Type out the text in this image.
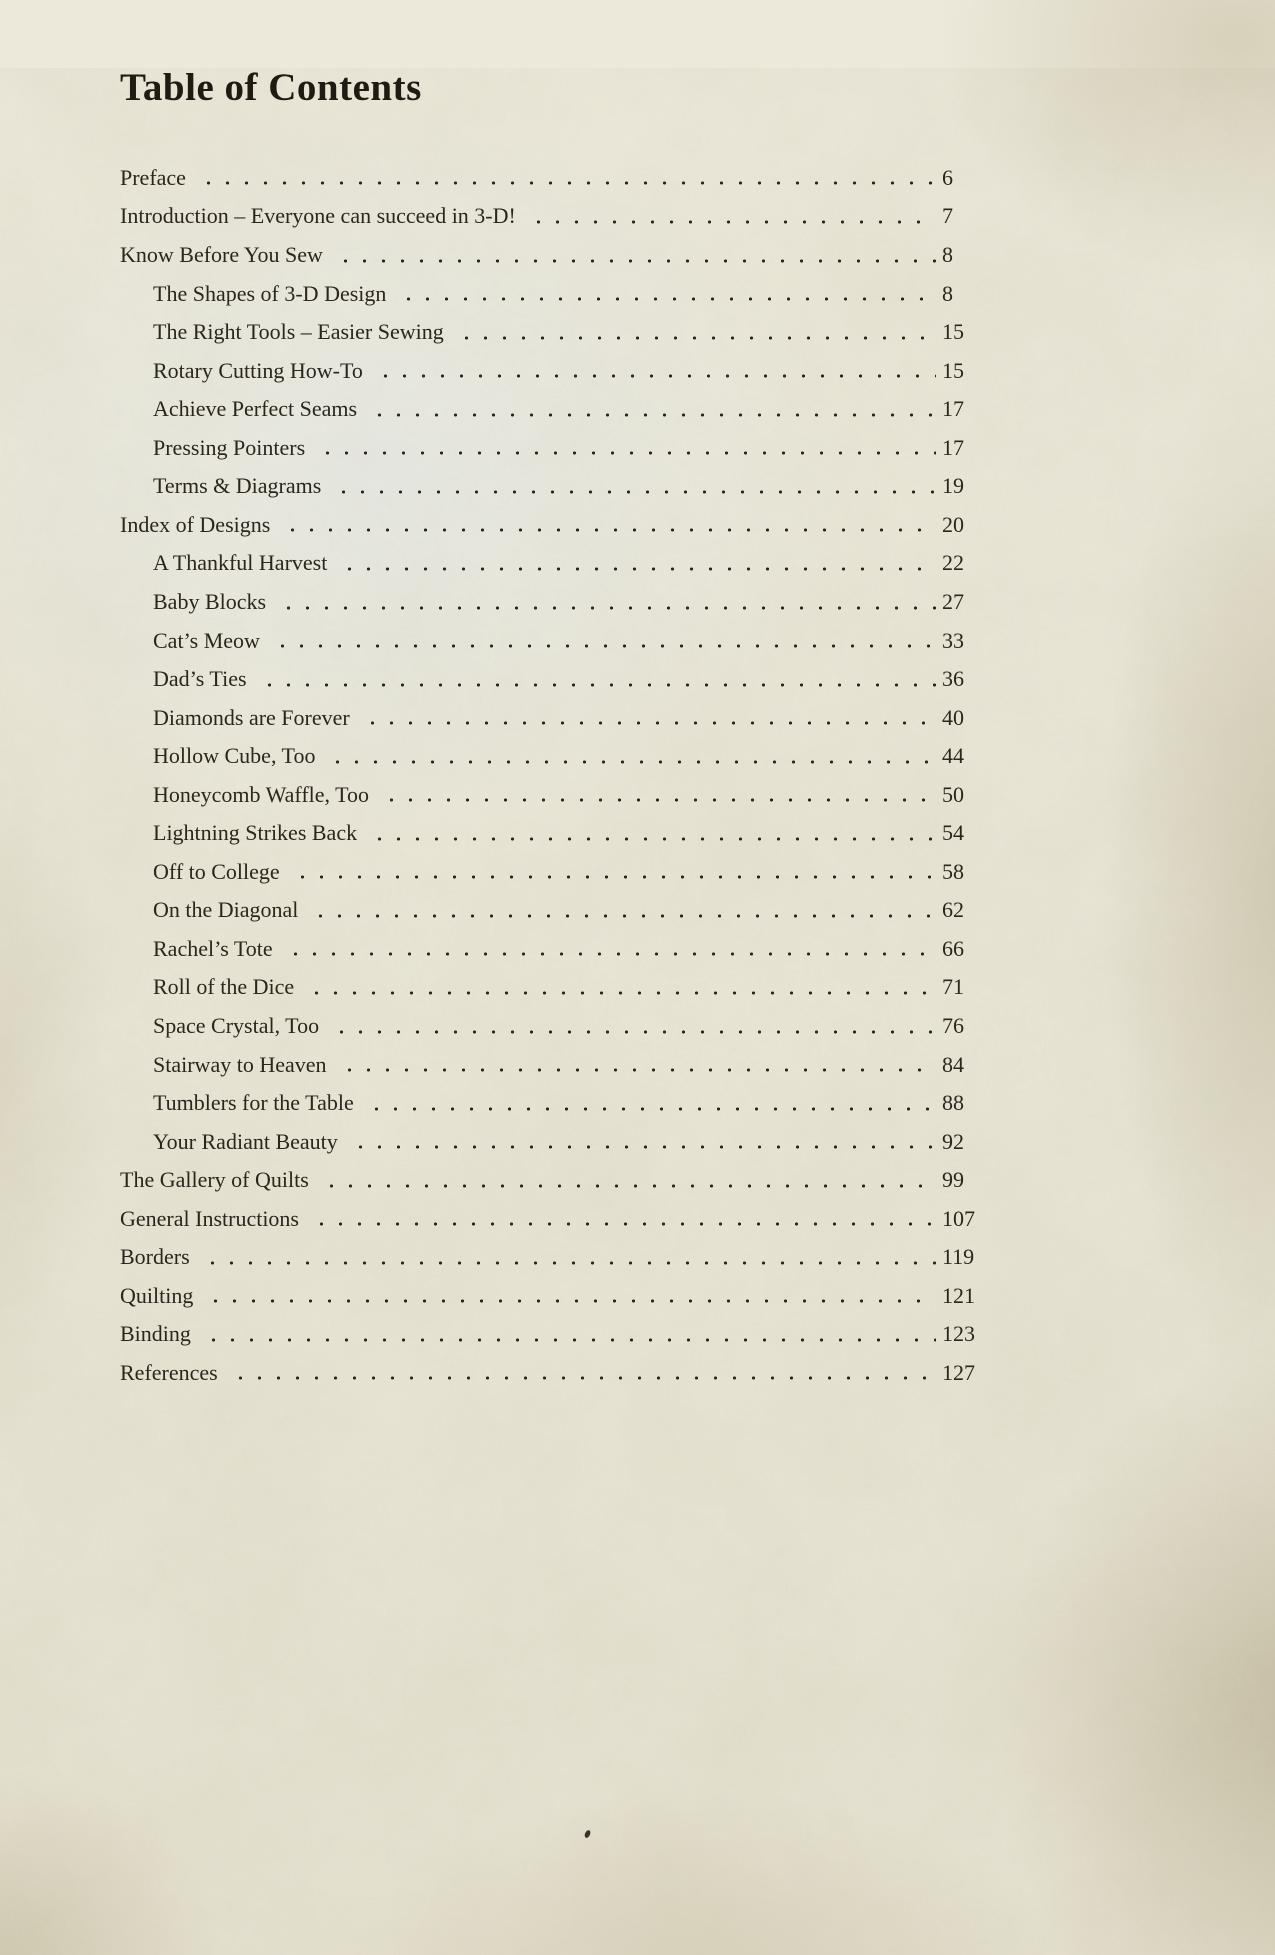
Table of Contents
Preface	6
Introduction – Everyone can succeed in 3-D!	7
Know Before You Sew	8
The Shapes of 3-D Design	8
The Right Tools – Easier Sewing	15
Rotary Cutting How-To	15
Achieve Perfect Seams	17
Pressing Pointers	17
Terms & Diagrams	19
Index of Designs	20
A Thankful Harvest	22
Baby Blocks	27
Cat’s Meow	33
Dad’s Ties	36
Diamonds are Forever	40
Hollow Cube, Too	44
Honeycomb Waffle, Too	50
Lightning Strikes Back	54
Off to College	58
On the Diagonal	62
Rachel’s Tote	66
Roll of the Dice	71
Space Crystal, Too	76
Stairway to Heaven	84
Tumblers for the Table	88
Your Radiant Beauty	92
The Gallery of Quilts	99
General Instructions	107
Borders	119
Quilting	121
Binding	123
References	127
